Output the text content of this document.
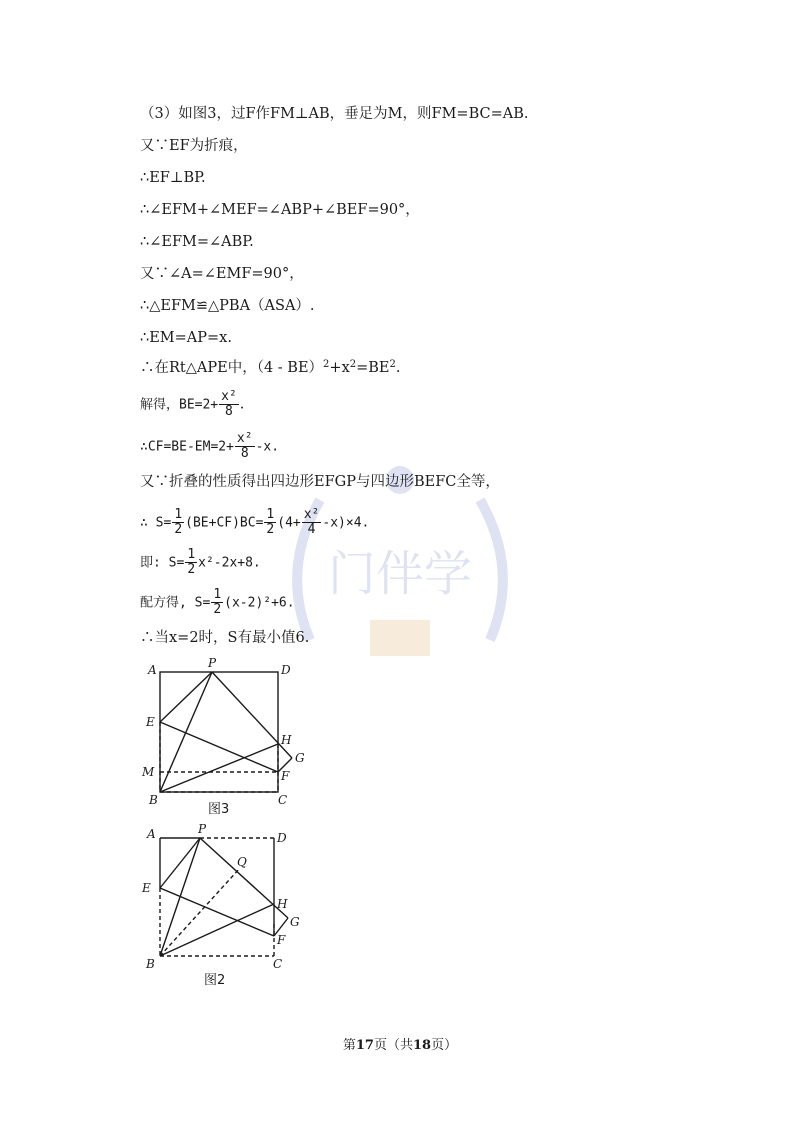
门伴学
（3）如图3，过F作FM⊥AB，垂足为M，则FM=BC=AB.
又∵EF为折痕，
∴EF⊥BP.
∴∠EFM+∠MEF=∠ABP+∠BEF=90°，
∴∠EFM=∠ABP.
又∵∠A=∠EMF=90°，
∴△EFM≌△PBA（ASA）.
∴EM=AP=x.
∴在Rt△APE中，$(4 - BE)^2+x^2=BE^2$.
解得，$BE=2+ \frac{\text{x²}}{8}$ .
∴CF=BE-EM=2+ $\frac{\text{x²}}{8} -x$.
又∵折叠的性质得出四边形EFGP与四边形BEFC全等，
∴ $S= \frac{1}{2} (BE+CF)BC= \frac{1}{2} (4+ \frac{\text{x²}}{4} -x)\times 4$.
即: $S= \frac{1}{2} x^2-2x+8$.
配方得, $S= \frac{1}{2} (x-2)^2+6$.
∴当x=2时，S有最小值6.
A	P	D
E
H
G
M	F
B	C
图3
A	P
D
Q
E
H
G
F
B	C
图2
第17页（共18页）
